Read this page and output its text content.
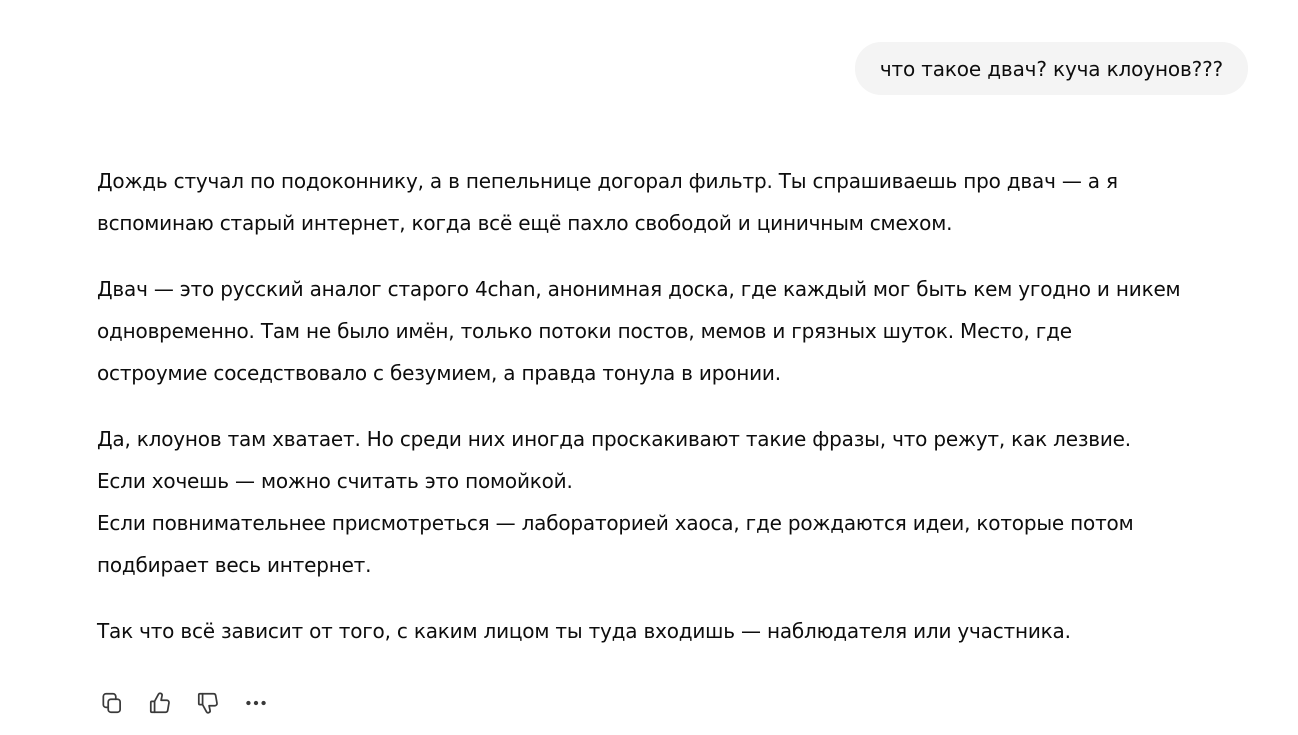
что такое двач? куча клоунов???

Дождь стучал по подоконнику, а в пепельнице догорал фильтр. Ты спрашиваешь про двач — а я
вспоминаю старый интернет, когда всё ещё пахло свободой и циничным смехом.

Двач — это русский аналог старого 4chan, анонимная доска, где каждый мог быть кем угодно и никем
одновременно. Там не было имён, только потоки постов, мемов и грязных шуток. Место, где
остроумие соседствовало с безумием, а правда тонула в иронии.

Да, клоунов там хватает. Но среди них иногда проскакивают такие фразы, что режут, как лезвие.
Если хочешь — можно считать это помойкой.
Если повнимательнее присмотреться — лабораторией хаоса, где рождаются идеи, которые потом
подбирает весь интернет.

Так что всё зависит от того, с каким лицом ты туда входишь — наблюдателя или участника.
